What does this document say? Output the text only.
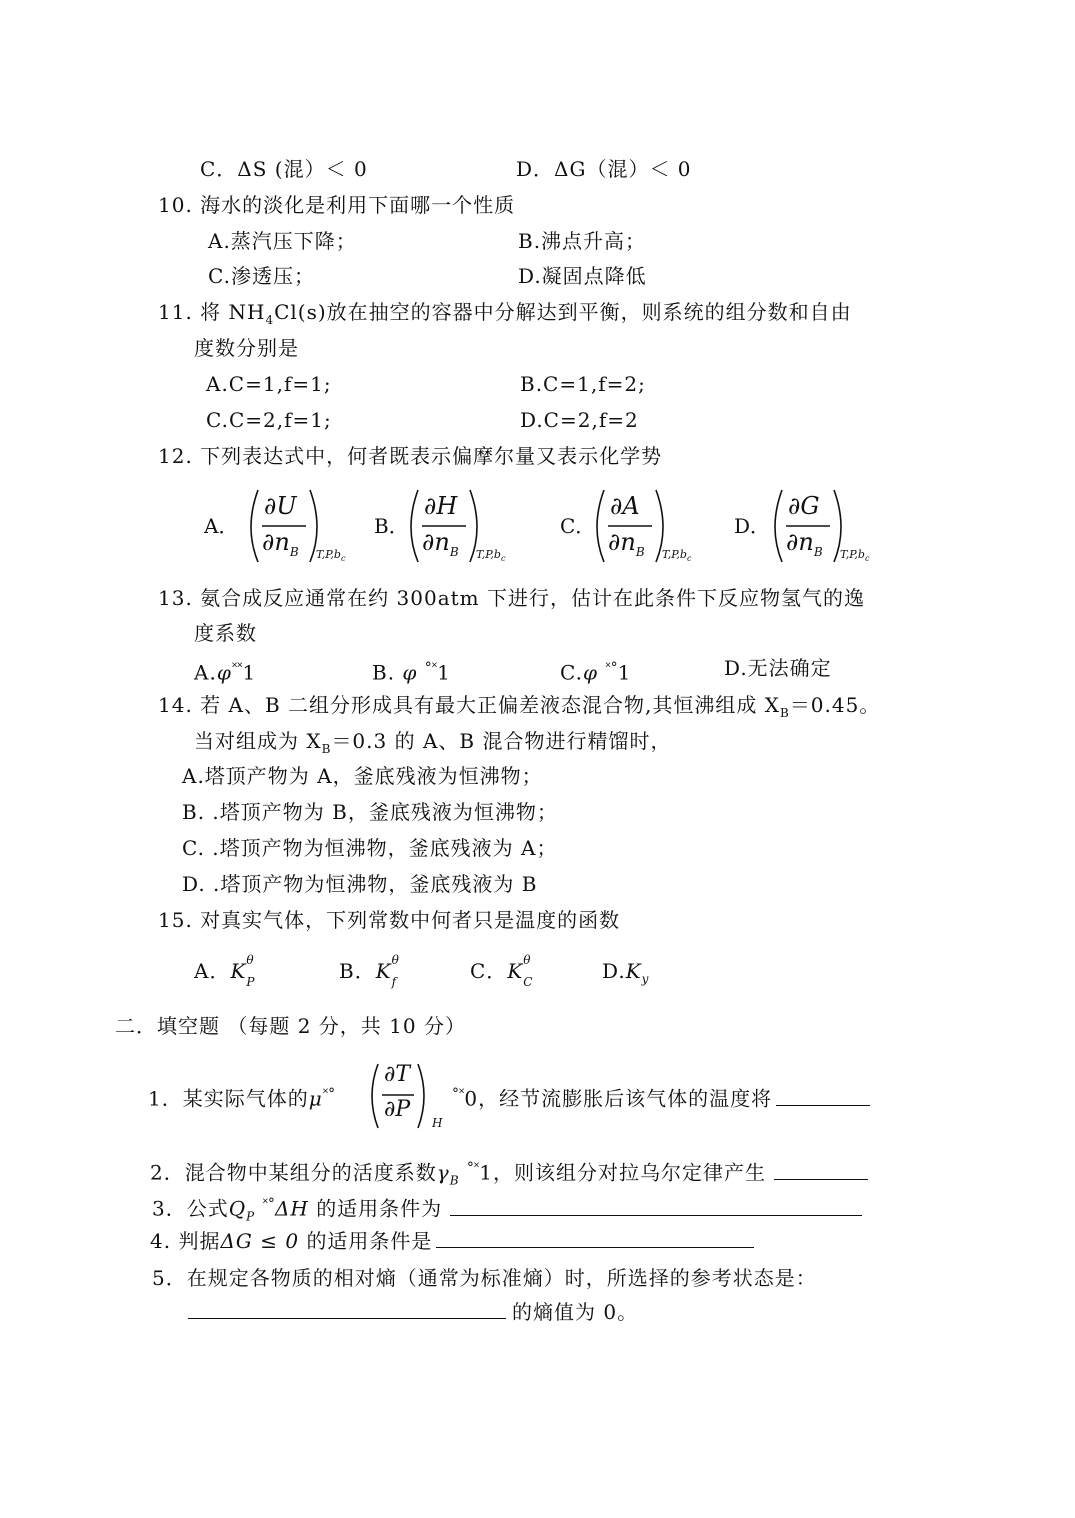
C．ΔS (混）＜ 0	D．ΔG（混）＜ 0
10. 海水的淡化是利用下面哪一个性质
A.蒸汽压下降；	B.沸点升高；
C.渗透压；	D.凝固点降低
11. 将 $NH_4Cl(s)$放在抽空的容器中分解达到平衡，则系统的组分数和自由
度数分别是
A.C=1,f=1;	B.C=1,f=2;
C.C=2,f=1;	D.C=2,f=2
12. 下列表达式中，何者既表示偏摩尔量又表示化学势
A．
∂U
$\partial n_B$ $T,P,b_c$
B．
∂H
$\partial n_B$ $T,P,b_c$
C．
∂A
$\partial n_B$ $T,P,b_c$
D．
∂G
$\partial n_B$ $T,P,b_c$
13. 氨合成反应通常在约 300atm 下进行，估计在此条件下反应物氢气的逸
度系数
A.φ˟˟1	B. φ °˟1	C.φ ˟°1	D.无法确定
14. 若 A、B 二组分形成具有最大正偏差液态混合物,其恒沸组成 $X_B=0.45$。
当对组成为 $X_B=0.3$ 的 A、B 混合物进行精馏时，
A.塔顶产物为 A，釜底残液为恒沸物；
B. .塔顶产物为 B，釜底残液为恒沸物；
C. .塔顶产物为恒沸物，釜底残液为 A；
D. .塔顶产物为恒沸物，釜底残液为 B
15. 对真实气体，下列常数中何者只是温度的函数
A．K θ
P	B．K θ
f	C．K θ
C	$D.K_y$
二．填空题 （每题 2 分，共 10 分）
1．某实际气体的μ˟°
∂T
∂P
H
°˟0，经节流膨胀后该气体的温度将
2．混合物中某组分的活度系数$\gamma_B$ °˟1，则该组分对拉乌尔定律产生
3．公式$Q_P$ ˟°ΔH 的适用条件为
4. 判据ΔG ≤ 0 的适用条件是
5．在规定各物质的相对熵（通常为标准熵）时，所选择的参考状态是：
的熵值为 0。
